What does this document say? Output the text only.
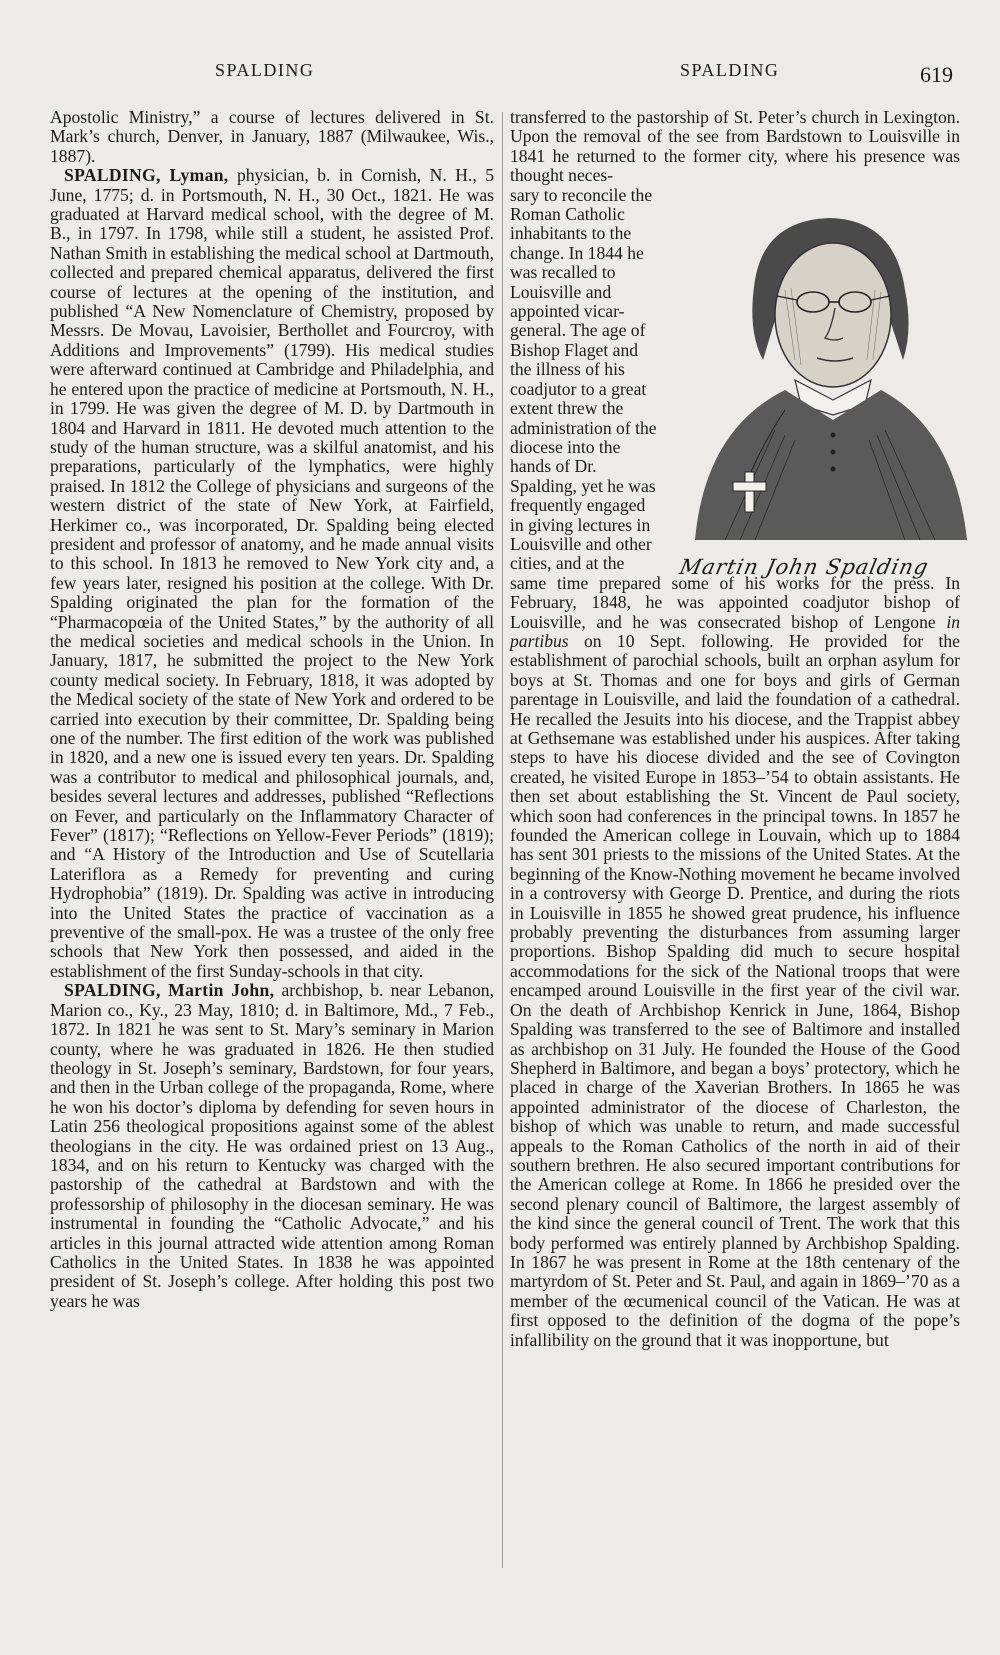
SPALDING	SPALDING	619

Apostolic Ministry,” a course of lectures delivered in St. Mark’s church, Denver, in January, 1887 (Milwaukee, Wis., 1887).

SPALDING, Lyman, physician, b. in Cornish, N. H., 5 June, 1775; d. in Portsmouth, N. H., 30 Oct., 1821. He was graduated at Harvard medical school, with the degree of M. B., in 1797. In 1798, while still a student, he assisted Prof. Nathan Smith in establishing the medical school at Dartmouth, collected and prepared chemical apparatus, delivered the first course of lectures at the opening of the institution, and published “A New Nomenclature of Chemistry, proposed by Messrs. De Movau, Lavoisier, Berthollet and Fourcroy, with Additions and Improvements” (1799). His medical studies were afterward continued at Cambridge and Philadelphia, and he entered upon the practice of medicine at Portsmouth, N. H., in 1799. He was given the degree of M. D. by Dartmouth in 1804 and Harvard in 1811. He devoted much attention to the study of the human structure, was a skilful anatomist, and his preparations, particularly of the lymphatics, were highly praised. In 1812 the College of physicians and surgeons of the western district of the state of New York, at Fairfield, Herkimer co., was incorporated, Dr. Spalding being elected president and professor of anatomy, and he made annual visits to this school. In 1813 he removed to New York city and, a few years later, resigned his position at the college. With Dr. Spalding originated the plan for the formation of the “Pharmacopœia of the United States,” by the authority of all the medical societies and medical schools in the Union. In January, 1817, he submitted the project to the New York county medical society. In February, 1818, it was adopted by the Medical society of the state of New York and ordered to be carried into execution by their committee, Dr. Spalding being one of the number. The first edition of the work was published in 1820, and a new one is issued every ten years. Dr. Spalding was a contributor to medical and philosophical journals, and, besides several lectures and addresses, published “Reflections on Fever, and particularly on the Inflammatory Character of Fever” (1817); “Reflections on Yellow-Fever Periods” (1819); and “A History of the Introduction and Use of Scutellaria Lateriflora as a Remedy for preventing and curing Hydrophobia” (1819). Dr. Spalding was active in introducing into the United States the practice of vaccination as a preventive of the small-pox. He was a trustee of the only free schools that New York then possessed, and aided in the establishment of the first Sunday-schools in that city.

SPALDING, Martin John, archbishop, b. near Lebanon, Marion co., Ky., 23 May, 1810; d. in Baltimore, Md., 7 Feb., 1872. In 1821 he was sent to St. Mary’s seminary in Marion county, where he was graduated in 1826. He then studied theology in St. Joseph’s seminary, Bardstown, for four years, and then in the Urban college of the propaganda, Rome, where he won his doctor’s diploma by defending for seven hours in Latin 256 theological propositions against some of the ablest theologians in the city. He was ordained priest on 13 Aug., 1834, and on his return to Kentucky was charged with the pastorship of the cathedral at Bardstown and with the professorship of philosophy in the diocesan seminary. He was instrumental in founding the “Catholic Advocate,” and his articles in this journal attracted wide attention among Roman Catholics in the United States. In 1838 he was appointed president of St. Joseph’s college. After holding this post two years he was

transferred to the pastorship of St. Peter’s church in Lexington. Upon the removal of the see from Bardstown to Louisville in 1841 he returned to the former city, where his presence was thought neces-

sary to reconcile the Roman Catholic inhabitants to the change. In 1844 he was recalled to Louisville and appointed vicar-general. The age of Bishop Flaget and the illness of his coadjutor to a great extent threw the administration of the diocese into the hands of Dr. Spalding, yet he was frequently engaged in giving lectures in Louisville and other cities, and at the

same time prepared some of his works for the press. In February, 1848, he was appointed coadjutor bishop of Louisville, and he was consecrated bishop of Lengone in partibus on 10 Sept. following. He provided for the establishment of parochial schools, built an orphan asylum for boys at St. Thomas and one for boys and girls of German parentage in Louisville, and laid the foundation of a cathedral. He recalled the Jesuits into his diocese, and the Trappist abbey at Gethsemane was established under his auspices. After taking steps to have his diocese divided and the see of Covington created, he visited Europe in 1853–’54 to obtain assistants. He then set about establishing the St. Vincent de Paul society, which soon had conferences in the principal towns. In 1857 he founded the American college in Louvain, which up to 1884 has sent 301 priests to the missions of the United States. At the beginning of the Know-Nothing movement he became involved in a controversy with George D. Prentice, and during the riots in Louisville in 1855 he showed great prudence, his influence probably preventing the disturbances from assuming larger proportions. Bishop Spalding did much to secure hospital accommodations for the sick of the National troops that were encamped around Louisville in the first year of the civil war. On the death of Archbishop Kenrick in June, 1864, Bishop Spalding was transferred to the see of Baltimore and installed as archbishop on 31 July. He founded the House of the Good Shepherd in Baltimore, and began a boys’ protectory, which he placed in charge of the Xaverian Brothers. In 1865 he was appointed administrator of the diocese of Charleston, the bishop of which was unable to return, and made successful appeals to the Roman Catholics of the north in aid of their southern brethren. He also secured important contributions for the American college at Rome. In 1866 he presided over the second plenary council of Baltimore, the largest assembly of the kind since the general council of Trent. The work that this body performed was entirely planned by Archbishop Spalding. In 1867 he was present in Rome at the 18th centenary of the martyrdom of St. Peter and St. Paul, and again in 1869–’70 as a member of the œcumenical council of the Vatican. He was at first opposed to the definition of the dogma of the pope’s infallibility on the ground that it was inopportune, but

Martin John Spalding
